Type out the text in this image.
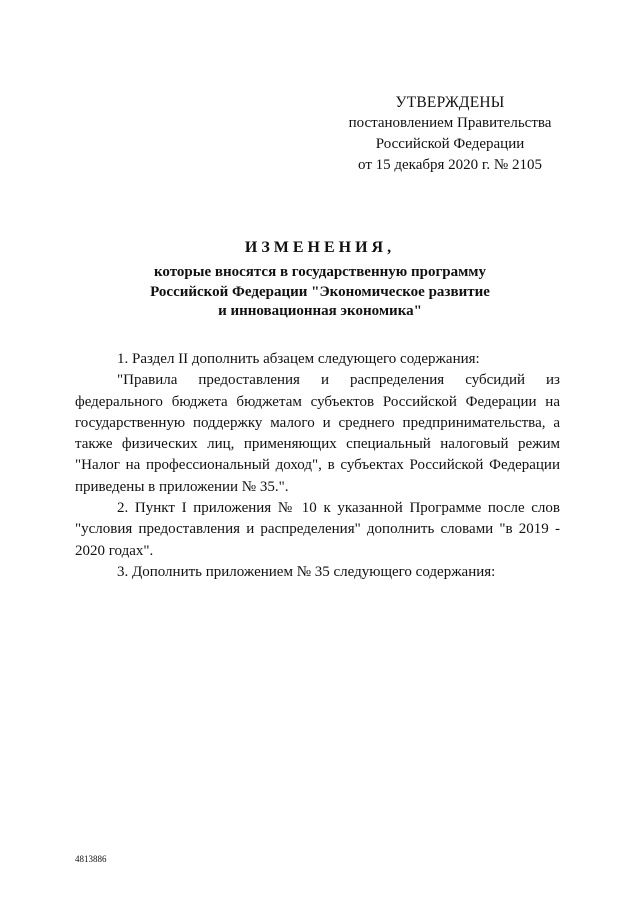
УТВЕРЖДЕНЫ
постановлением Правительства
Российской Федерации
от 15 декабря 2020 г. № 2105
ИЗМЕНЕНИЯ,
которые вносятся в государственную программу
Российской Федерации "Экономическое развитие
и инновационная экономика"

1. Раздел II дополнить абзацем следующего содержания:

"Правила предоставления и распределения субсидий из федерального бюджета бюджетам субъектов Российской Федерации на государственную поддержку малого и среднего предпринимательства, а также физических лиц, применяющих специальный налоговый режим "Налог на профессиональный доход", в субъектах Российской Федерации приведены в приложении № 35.".

2. Пункт I приложения № 10 к указанной Программе после слов "условия предоставления и распределения" дополнить словами "в 2019 - 2020 годах".

3. Дополнить приложением № 35 следующего содержания:

4813886
